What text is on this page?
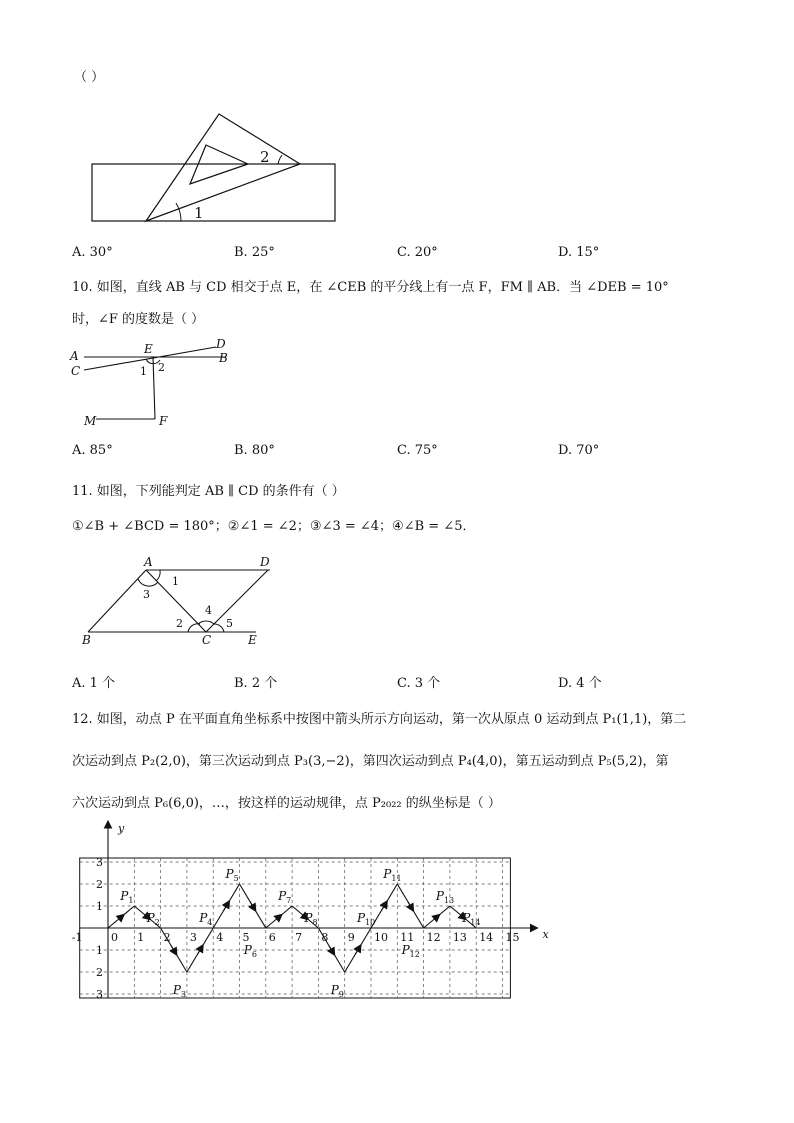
（ ）
1
2
A. 30°	B. 25°	C. 20°	D. 15°
10. 如图，直线 AB 与 CD 相交于点 E，在 ∠CEB 的平分线上有一点 F，FM ∥ AB．当 ∠DEB = 10°
时，∠F 的度数是（ ）
A	B
C
D
E
F
M
1 2
A. 85°	B. 80°	C. 75°	D. 70°
11. 如图，下列能判定 AB ∥ CD 的条件有（ ）
①∠B + ∠BCD = 180°；②∠1 = ∠2；③∠3 = ∠4；④∠B = ∠5．
A	D
B	C	E
1
3
2
4
5
A. 1 个	B. 2 个	C. 3 个	D. 4 个
12. 如图，动点 P 在平面直角坐标系中按图中箭头所示方向运动，第一次从原点 0 运动到点 P₁(1,1)，第二
次运动到点 P₂(2,0)，第三次运动到点 P₃(3,−2)，第四次运动到点 P₄(4,0)，第五运动到点 P₅(5,2)，第
六次运动到点 P₆(6,0)，…，按这样的运动规律，点 P₂₀₂₂ 的纵坐标是（ ）
x
y
-1	0 1 2 3 4 5 6 7 8 9 10 11 12 13 14 15
3
2
1
1
2
3
$P_1$
$P_2$
$P_3$
$P_4$
$P_5$
$P_6$
$P_7$
$P_8$
$P_9$
$P_{10}$
$P_{11}$
$P_{12}$
$P_{13}$
$P_{14}$
